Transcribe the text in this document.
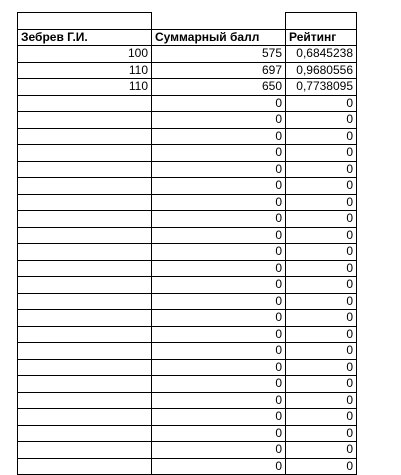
Зебрев Г.И.	Суммарный балл	Рейтинг
100	575	0,6845238
110	697	0,9680556
110	650	0,7738095
	0	0
	0	0
	0	0
	0	0
	0	0
	0	0
	0	0
	0	0
	0	0
	0	0
	0	0
	0	0
	0	0
	0	0
	0	0
	0	0
	0	0
	0	0
	0	0
	0	0
	0	0
	0	0
	0	0
